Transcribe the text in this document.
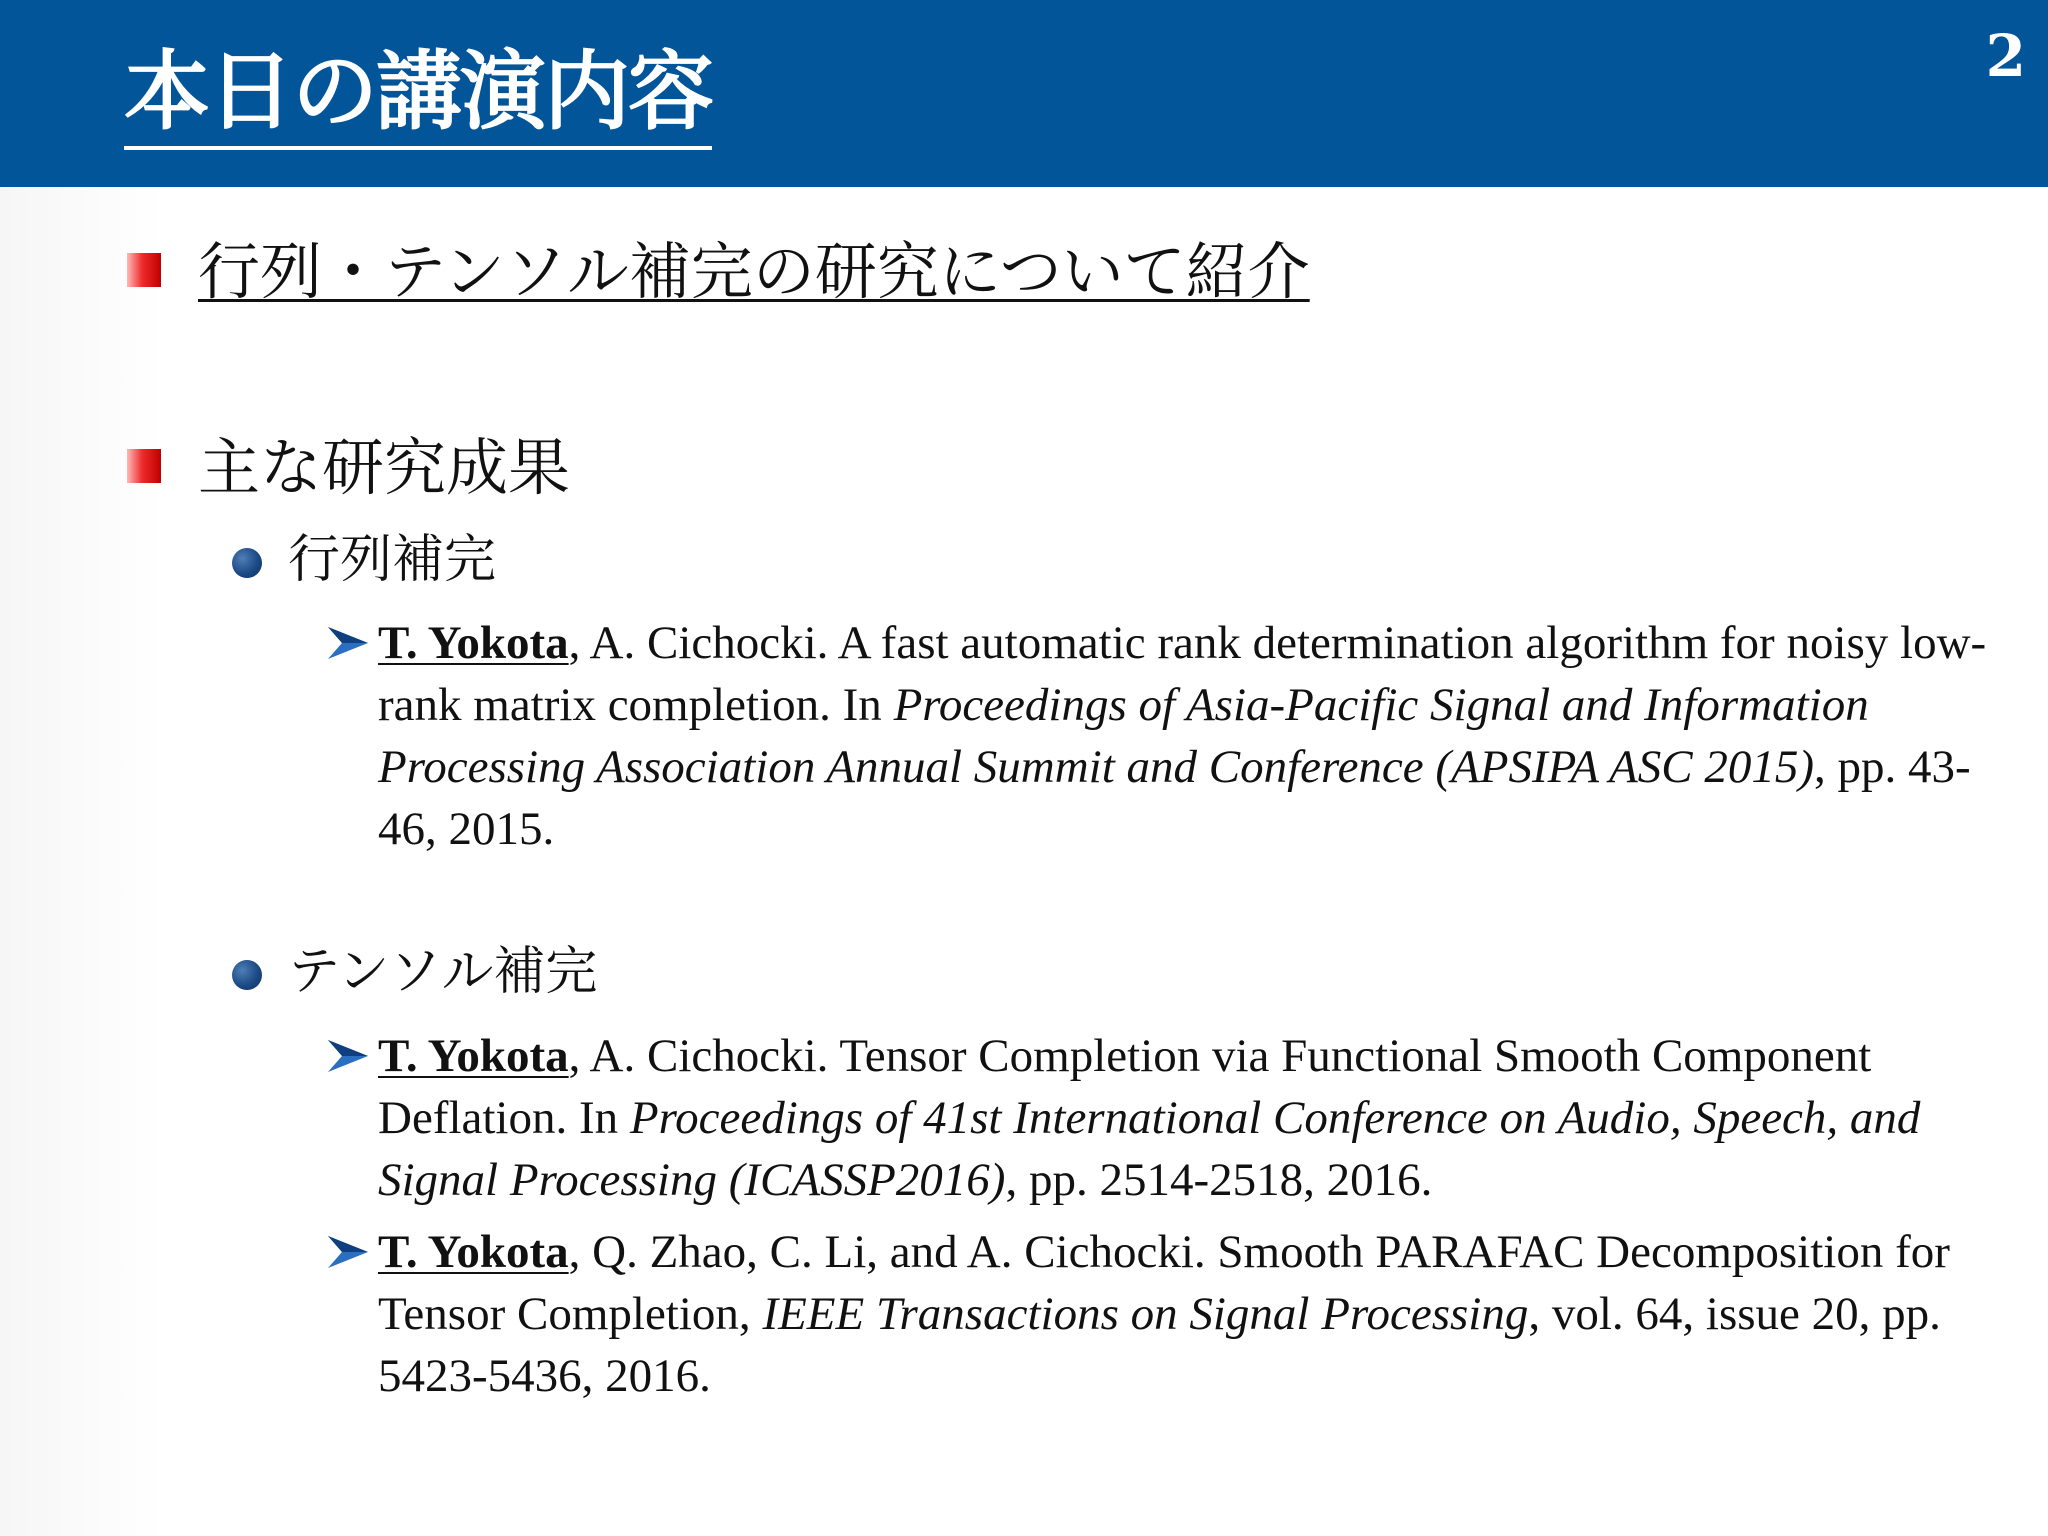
本日の講演内容	2
行列・テンソル補完の研究について紹介
主な研究成果
行列補完
T. Yokota, A. Cichocki. A fast automatic rank determination algorithm for noisy low-rank matrix completion. In Proceedings of Asia-Pacific Signal and Information Processing Association Annual Summit and Conference (APSIPA ASC 2015), pp. 43-46, 2015.
テンソル補完
T. Yokota, A. Cichocki. Tensor Completion via Functional Smooth Component Deflation. In Proceedings of 41st International Conference on Audio, Speech, and Signal Processing (ICASSP2016), pp. 2514-2518, 2016.
T. Yokota, Q. Zhao, C. Li, and A. Cichocki. Smooth PARAFAC Decomposition for Tensor Completion, IEEE Transactions on Signal Processing, vol. 64, issue 20, pp. 5423-5436, 2016.
